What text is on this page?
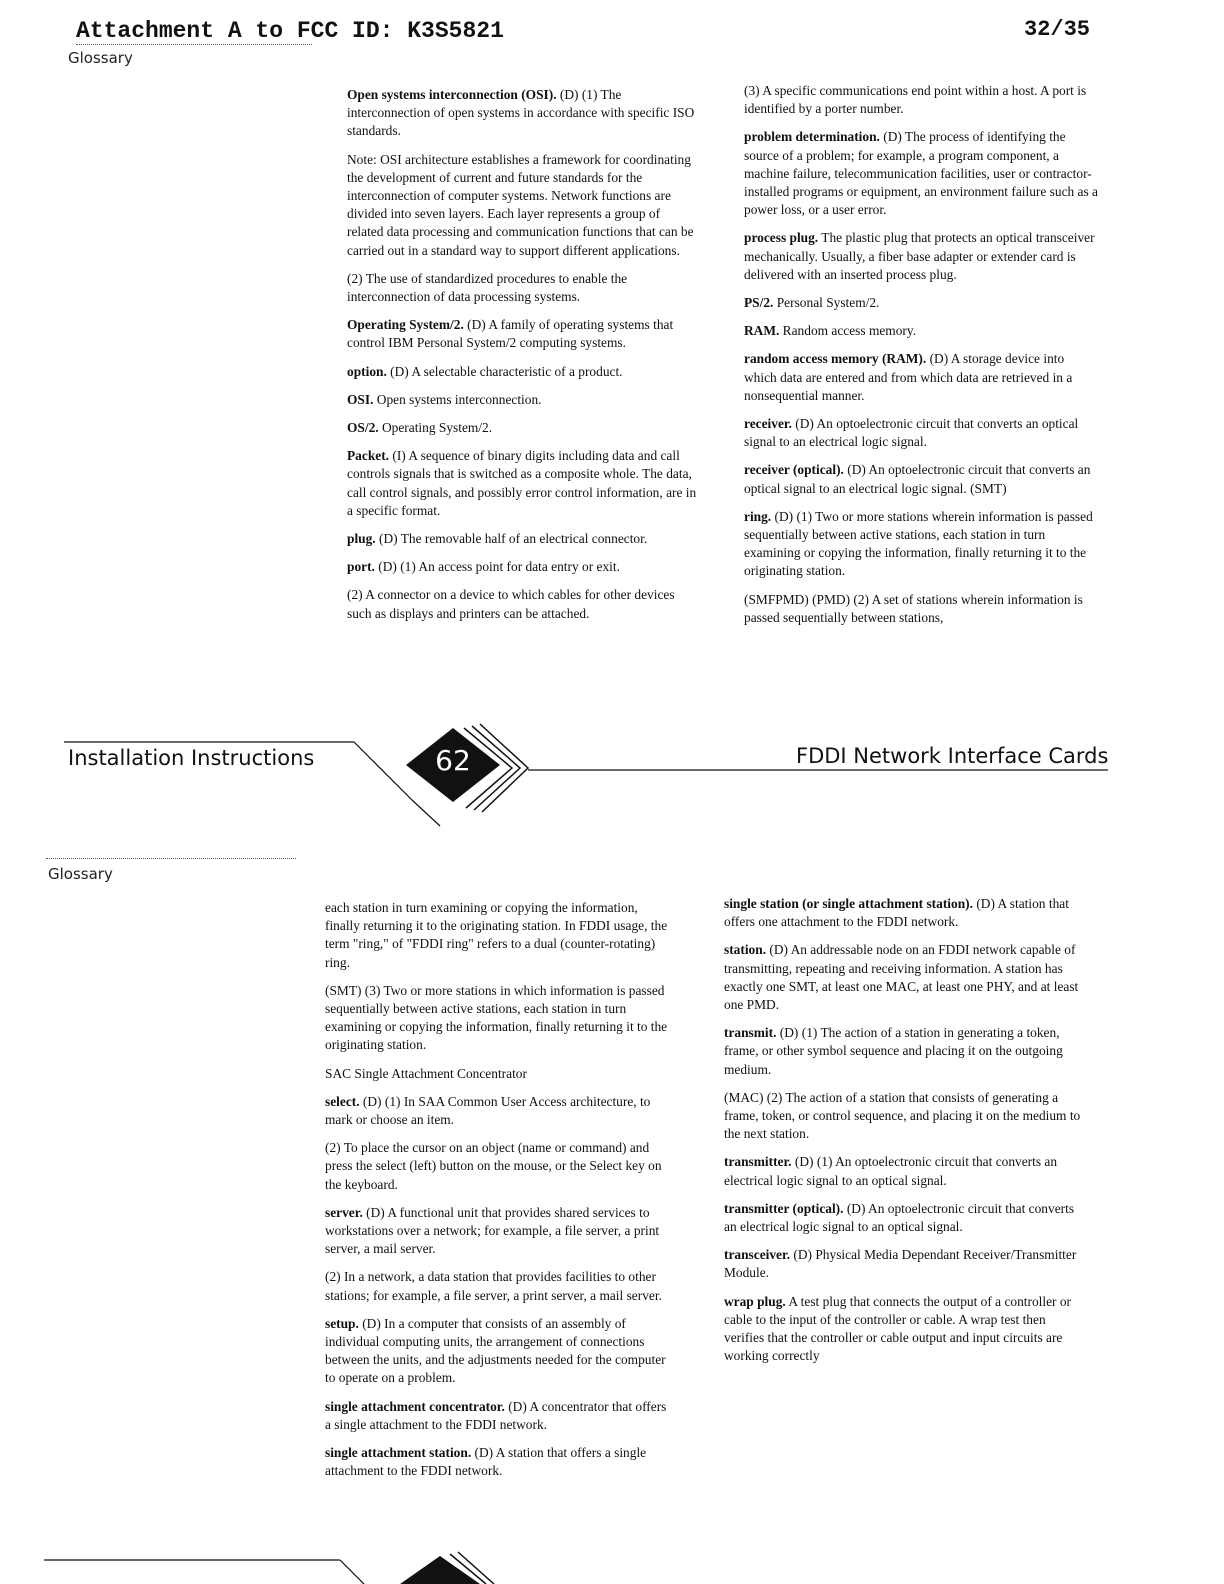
Attachment A to FCC ID: K3S5821	32/35
Glossary

Open systems interconnection (OSI). (D) (1) The interconnection of open systems in accordance with specific ISO standards.

Note: OSI architecture establishes a framework for coordinating the development of current and future standards for the interconnection of computer systems. Network functions are divided into seven layers. Each layer represents a group of related data processing and communication functions that can be carried out in a standard way to support different applications.

(2) The use of standardized procedures to enable the interconnection of data processing systems.

Operating System/2. (D) A family of operating systems that control IBM Personal System/2 computing systems.

option. (D) A selectable characteristic of a product.

OSI. Open systems interconnection.

OS/2. Operating System/2.

Packet. (I) A sequence of binary digits including data and call controls signals that is switched as a composite whole. The data, call control signals, and possibly error control information, are in a specific format.

plug. (D) The removable half of an electrical connector.

port. (D) (1) An access point for data entry or exit.

(2) A connector on a device to which cables for other devices such as displays and printers can be attached.

(3) A specific communications end point within a host. A port is identified by a porter number.

problem determination. (D) The process of identifying the source of a problem; for example, a program component, a machine failure, telecommunication facilities, user or contractor-installed programs or equipment, an environment failure such as a power loss, or a user error.

process plug. The plastic plug that protects an optical transceiver mechanically. Usually, a fiber base adapter or extender card is delivered with an inserted process plug.

PS/2. Personal System/2.

RAM. Random access memory.

random access memory (RAM). (D) A storage device into which data are entered and from which data are retrieved in a nonsequential manner.

receiver. (D) An optoelectronic circuit that converts an optical signal to an electrical logic signal.

receiver (optical). (D) An optoelectronic circuit that converts an optical signal to an electrical logic signal. (SMT)

ring. (D) (1) Two or more stations wherein information is passed sequentially between active stations, each station in turn examining or copying the information, finally returning it to the originating station.

(SMFPMD) (PMD) (2) A set of stations wherein information is passed sequentially between stations,

Installation Instructions	62	FDDI Network Interface Cards
Glossary

each station in turn examining or copying the information, finally returning it to the originating station. In FDDI usage, the term "ring," of "FDDI ring" refers to a dual (counter-rotating) ring.

(SMT) (3) Two or more stations in which information is passed sequentially between active stations, each station in turn examining or copying the information, finally returning it to the originating station.

SAC Single Attachment Concentrator

select. (D) (1) In SAA Common User Access architecture, to mark or choose an item.

(2) To place the cursor on an object (name or command) and press the select (left) button on the mouse, or the Select key on the keyboard.

server. (D) A functional unit that provides shared services to workstations over a network; for example, a file server, a print server, a mail server.

(2) In a network, a data station that provides facilities to other stations; for example, a file server, a print server, a mail server.

setup. (D) In a computer that consists of an assembly of individual computing units, the arrangement of connections between the units, and the adjustments needed for the computer to operate on a problem.

single attachment concentrator. (D) A concentrator that offers a single attachment to the FDDI network.

single attachment station. (D) A station that offers a single attachment to the FDDI network.

single station (or single attachment station). (D) A station that offers one attachment to the FDDI network.

station. (D) An addressable node on an FDDI network capable of transmitting, repeating and receiving information. A station has exactly one SMT, at least one MAC, at least one PHY, and at least one PMD.

transmit. (D) (1) The action of a station in generating a token, frame, or other symbol sequence and placing it on the outgoing medium.

(MAC) (2) The action of a station that consists of generating a frame, token, or control sequence, and placing it on the medium to the next station.

transmitter. (D) (1) An optoelectronic circuit that converts an electrical logic signal to an optical signal.

transmitter (optical). (D) An optoelectronic circuit that converts an electrical logic signal to an optical signal.

transceiver. (D) Physical Media Dependant Receiver/Transmitter Module.

wrap plug. A test plug that connects the output of a controller or cable to the input of the controller or cable. A wrap test then verifies that the controller or cable output and input circuits are working correctly
